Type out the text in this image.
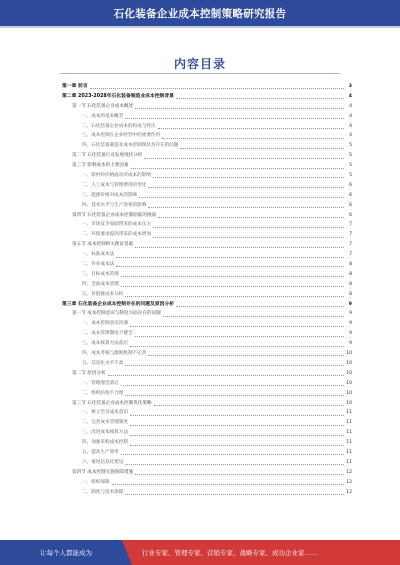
石化装备企业成本控制策略研究报告
内容目录
第一章 前言	3
第二章 2023-2028年石化装备制造业成本控制背景	4
第一节 石化装备企业成本概述	4
一、成本的基本概念	4
二、石化装备企业成本的构成与特点	4
三、成本控制在企业经营中的重要作用	4
四、石化装备制造业成本控制现状及存在的问题	5
第二节 石化装备行业发展现状分析	5
第三节 影响成本的主要因素	5
一、原材料价格波动对成本的影响	5
二、人工成本与管理费用的变化	6
三、能源价格对成本的影响	6
四、技术水平与生产效率的影响	6
第四节 石化装备企业成本控制面临的挑战	6
一、市场竞争加剧带来的成本压力	7
二、环保要求提高带来的成本增加	7
第五节 成本控制相关理论基础	7
一、标准成本法	7
二、作业成本法	8
三、目标成本管理	8
四、全面成本管理	8
五、价值链成本分析	8
第三章 石化装备企业成本控制存在的问题及原因分析	9
第一节 成本控制意识与制度方面存在的问题	9
一、成本控制意识淡薄	9
二、成本管理制度不健全	9
三、成本核算方法落后	9
四、成本考核与激励机制不完善	10
五、信息化水平不高	10
第二节 原因分析	10
一、管理理念落后	10
二、组织结构不合理	10
第三节 石化装备企业成本控制优化策略	10
一、树立全员成本意识	11
二、完善成本管理制度	11
三、改进成本核算方法	11
四、加强采购成本控制	11
五、提高生产效率	11
六、推进信息化建设	11
第四节 成本控制实施保障措施	12
一、组织保障	12
二、制度与技术保障	12
让每个人都能成为	行业专家、管理专家、营销专家、战略专家、成功企业家……
